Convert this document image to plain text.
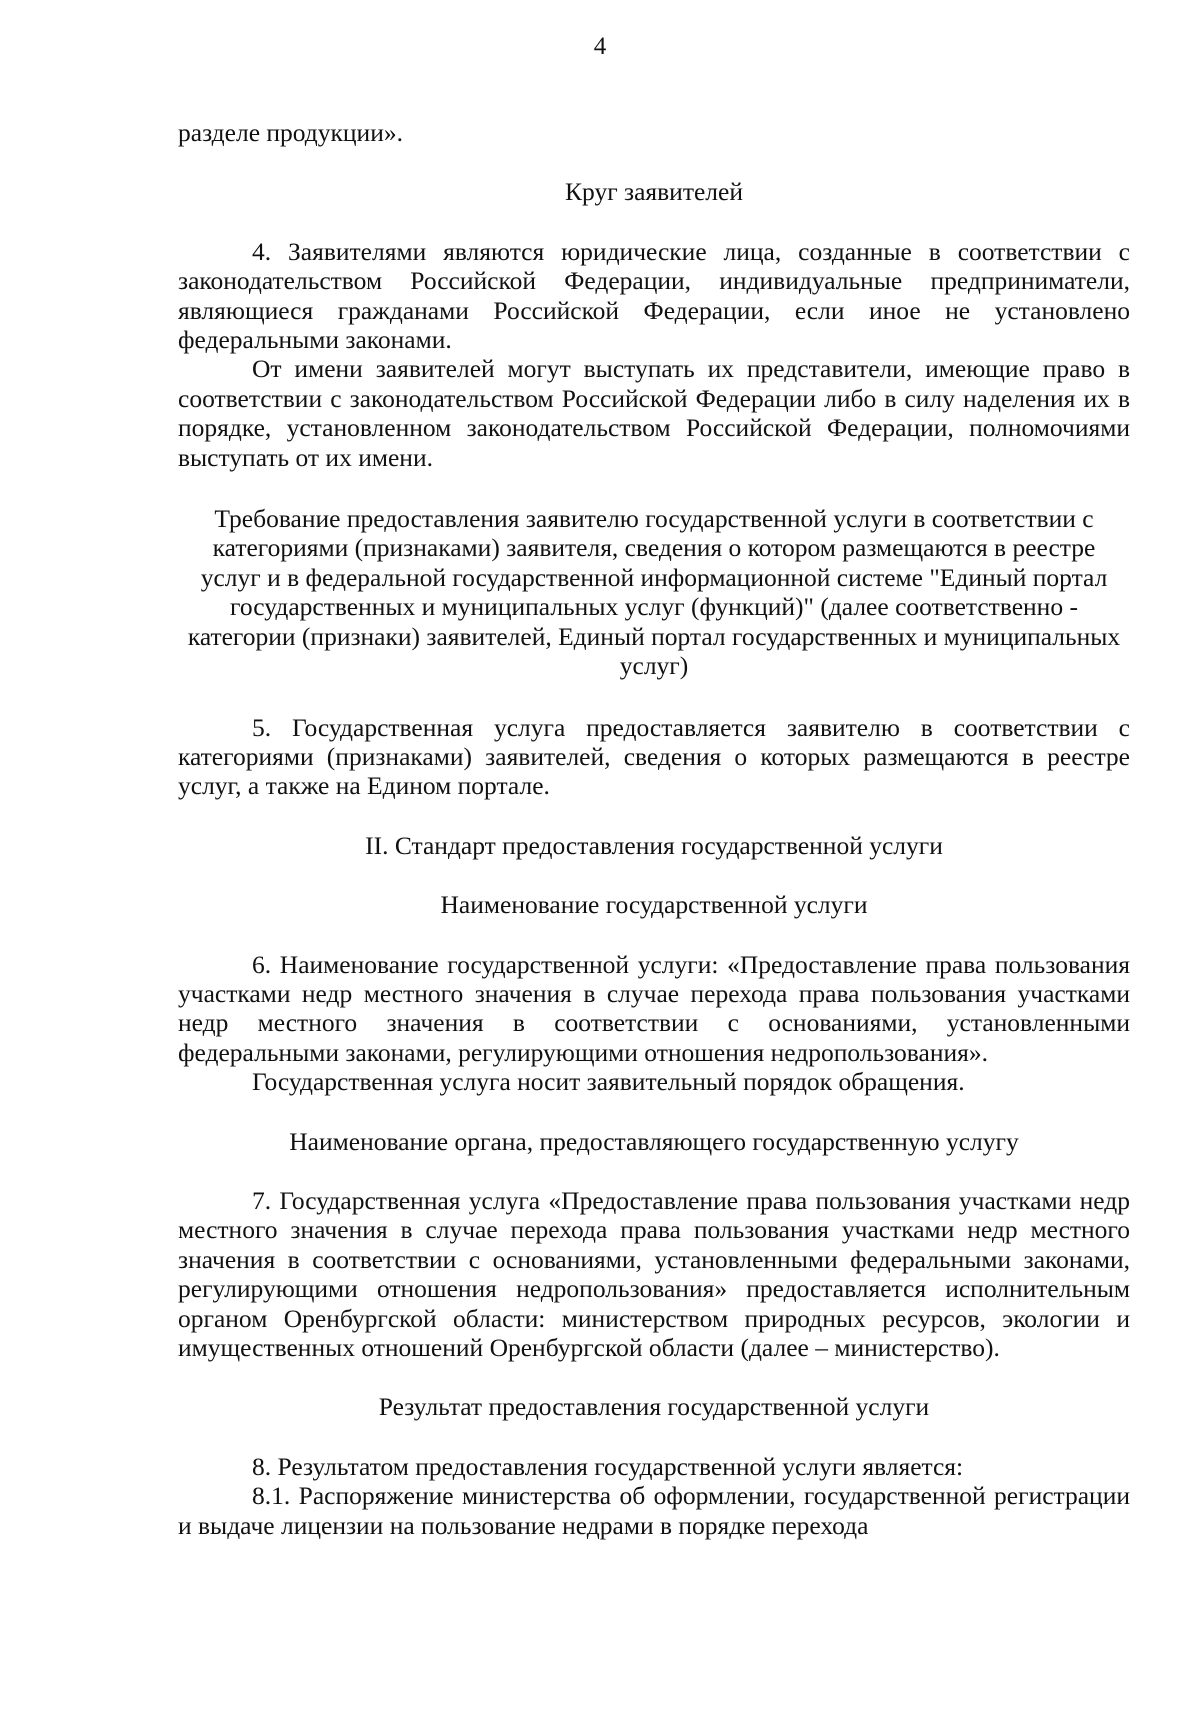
4

разделе продукции».

Круг заявителей

4. Заявителями являются юридические лица, созданные в соответствии с законодательством Российской Федерации, индивидуальные предприниматели, являющиеся гражданами Российской Федерации, если иное не установлено федеральными законами.

От имени заявителей могут выступать их представители, имеющие право в соответствии с законодательством Российской Федерации либо в силу наделения их в порядке, установленном законодательством Российской Федерации, полномочиями выступать от их имени.

Требование предоставления заявителю государственной услуги в соответствии с категориями (признаками) заявителя, сведения о котором размещаются в реестре услуг и в федеральной государственной информационной системе "Единый портал государственных и муниципальных услуг (функций)" (далее соответственно - категории (признаки) заявителей, Единый портал государственных и муниципальных услуг)

5. Государственная услуга предоставляется заявителю в соответствии с категориями (признаками) заявителей, сведения о которых размещаются в реестре услуг, а также на Едином портале.

II. Стандарт предоставления государственной услуги

Наименование государственной услуги

6. Наименование государственной услуги: «Предоставление права пользования участками недр местного значения в случае перехода права пользования участками недр местного значения в соответствии с основаниями, установленными федеральными законами, регулирующими отношения недропользования».

Государственная услуга носит заявительный порядок обращения.

Наименование органа, предоставляющего государственную услугу

7. Государственная услуга «Предоставление права пользования участками недр местного значения в случае перехода права пользования участками недр местного значения в соответствии с основаниями, установленными федеральными законами, регулирующими отношения недропользования» предоставляется исполнительным органом Оренбургской области: министерством природных ресурсов, экологии и имущественных отношений Оренбургской области (далее – министерство).

Результат предоставления государственной услуги

8. Результатом предоставления государственной услуги является:

8.1. Распоряжение министерства об оформлении, государственной регистрации и выдаче лицензии на пользование недрами в порядке перехода
